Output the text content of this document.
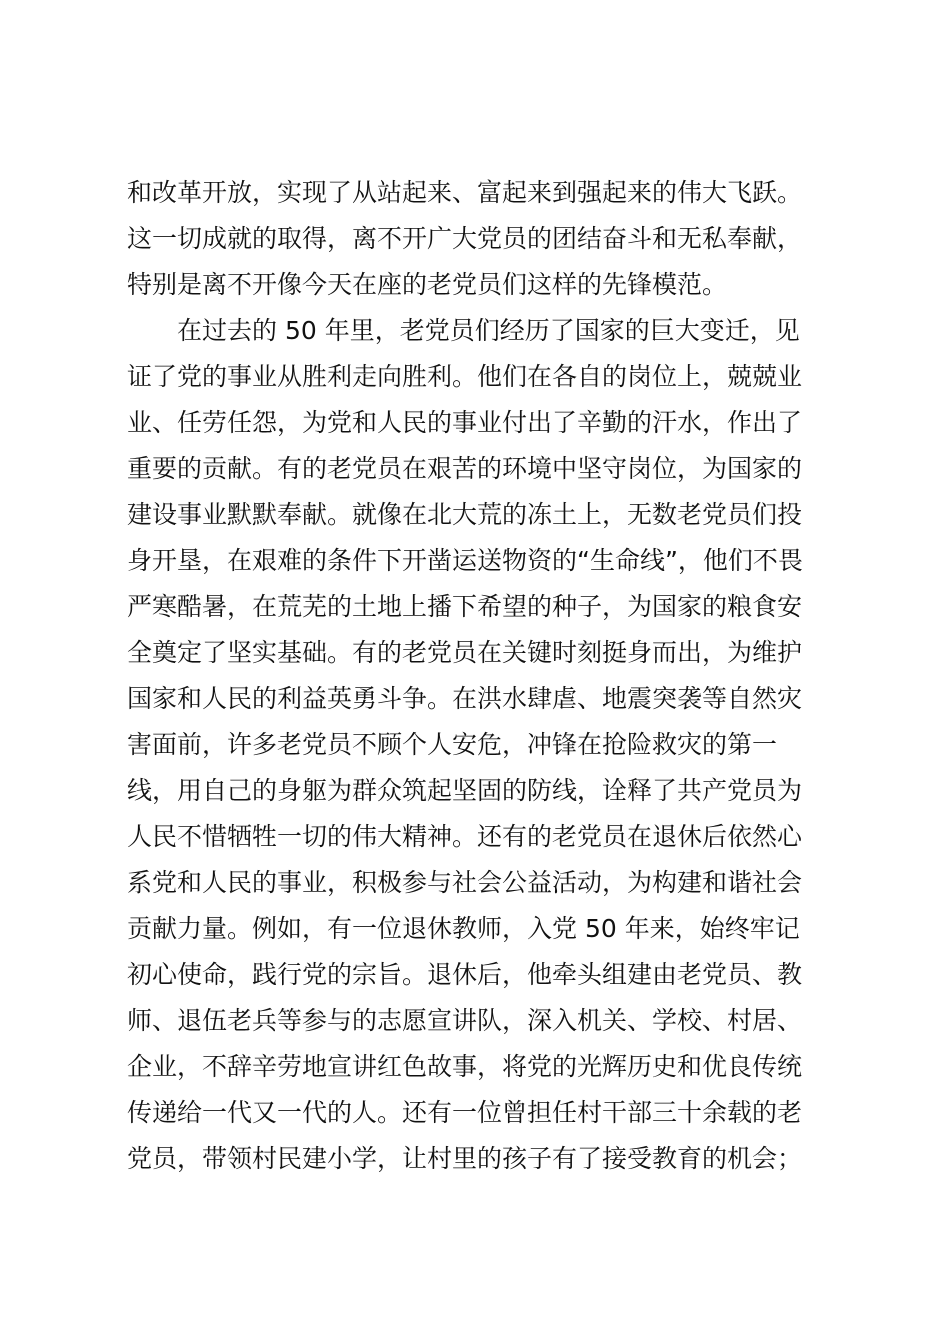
和改革开放，实现了从站起来、富起来到强起来的伟大飞跃。
这一切成就的取得，离不开广大党员的团结奋斗和无私奉献，
特别是离不开像今天在座的老党员们这样的先锋模范。
在过去的 50 年里，老党员们经历了国家的巨大变迁，见
证了党的事业从胜利走向胜利。他们在各自的岗位上，兢兢业
业、任劳任怨，为党和人民的事业付出了辛勤的汗水，作出了
重要的贡献。有的老党员在艰苦的环境中坚守岗位，为国家的
建设事业默默奉献。就像在北大荒的冻土上，无数老党员们投
身开垦，在艰难的条件下开凿运送物资的“生命线”，他们不畏
严寒酷暑，在荒芜的土地上播下希望的种子，为国家的粮食安
全奠定了坚实基础。有的老党员在关键时刻挺身而出，为维护
国家和人民的利益英勇斗争。在洪水肆虐、地震突袭等自然灾
害面前，许多老党员不顾个人安危，冲锋在抢险救灾的第一
线，用自己的身躯为群众筑起坚固的防线，诠释了共产党员为
人民不惜牺牲一切的伟大精神。还有的老党员在退休后依然心
系党和人民的事业，积极参与社会公益活动，为构建和谐社会
贡献力量。例如，有一位退休教师，入党 50 年来，始终牢记
初心使命，践行党的宗旨。退休后，他牵头组建由老党员、教
师、退伍老兵等参与的志愿宣讲队，深入机关、学校、村居、
企业，不辞辛劳地宣讲红色故事，将党的光辉历史和优良传统
传递给一代又一代的人。还有一位曾担任村干部三十余载的老
党员，带领村民建小学，让村里的孩子有了接受教育的机会；
